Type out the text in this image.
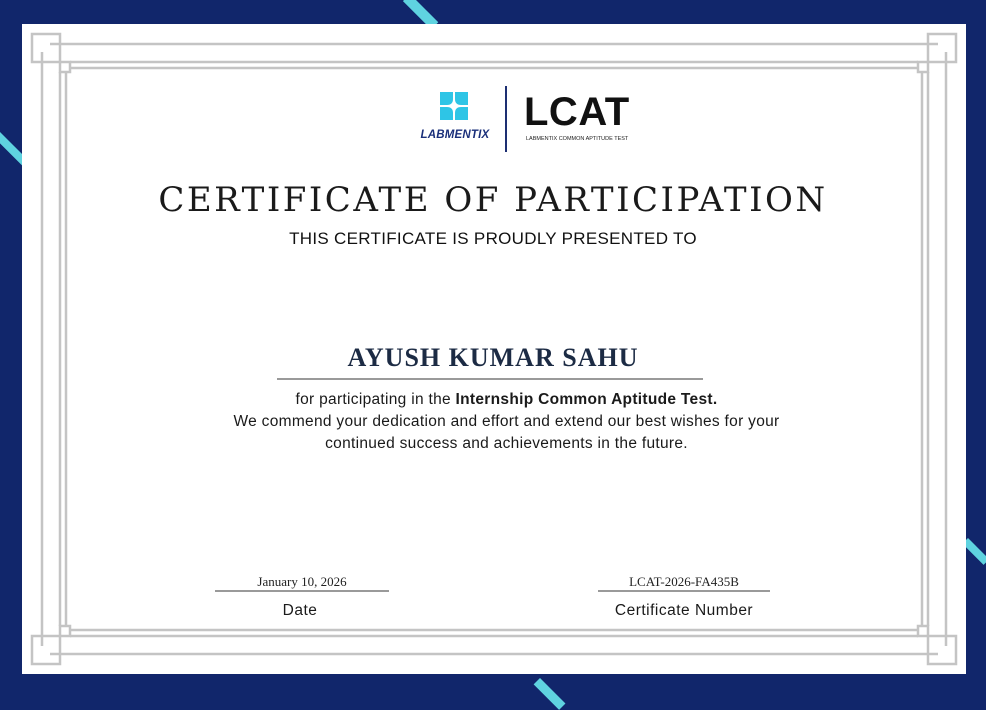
LABMENTIX
LCAT
LABMENTIX COMMON APTITUDE TEST
CERTIFICATE OF PARTICIPATION
THIS CERTIFICATE IS PROUDLY PRESENTED TO
AYUSH KUMAR SAHU
for participating in the Internship Common Aptitude Test.
We commend your dedication and effort and extend our best wishes for your
continued success and achievements in the future.
January 10, 2026
Date
LCAT-2026-FA435B
Certificate Number
